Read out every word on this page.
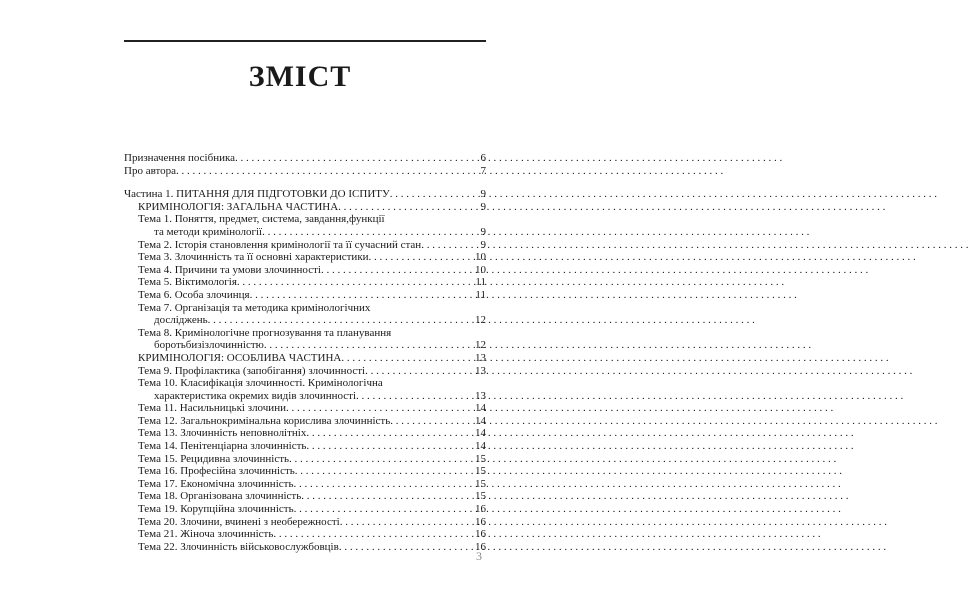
ЗМІСТ
Призначення посібника . . .	6
Про автора . . .	7
Частина 1. ПИТАННЯ ДЛЯ ПІДГОТОВКИ ДО ІСПИТУ . . .	9
КРИМІНОЛОГІЯ: ЗАГАЛЬНА ЧАСТИНА . . .	9
Тема 1. Поняття, предмет, система, завдання,функції
та методи кримінології . . .	9
Тема 2. Історія становлення кримінології та її сучасний стан . . .	9
Тема 3. Злочинність та її основні характеристики . . .	10
Тема 4. Причини та умови злочинності . . .	10
Тема 5. Віктимологія . . .	11
Тема 6. Особа злочинця . . .	11
Тема 7. Організація та методика кримінологічних
досліджень . . .	12
Тема 8. Кримінологічне прогнозування та планування
боротьбизізлочинністю . . .	12
КРИМІНОЛОГІЯ: ОСОБЛИВА ЧАСТИНА . . .	13
Тема 9. Профілактика (запобігання) злочинності . . .	13
Тема 10. Класифікація злочинності. Кримінологічна
характеристика окремих видів злочинності . . .	13
Тема 11. Насильницькі злочини . . .	14
Тема 12. Загальнокримінальна корислива злочинність . . .	14
Тема 13. Злочинність неповнолітніх . . .	14
Тема 14. Пенітенціарна злочинність . . .	14
Тема 15. Рецидивна злочинність . . .	15
Тема 16. Професійна злочинність . . .	15
Тема 17. Економічна злочинність . . .	15
Тема 18. Організована злочинність . . .	15
Тема 19. Корупційна злочинність . . .	16
Тема 20. Злочини, вчинені з необережності . . .	16
Тема 21. Жіноча злочинність . . .	16
Тема 22. Злочинність військовослужбовців . . .	16
3
